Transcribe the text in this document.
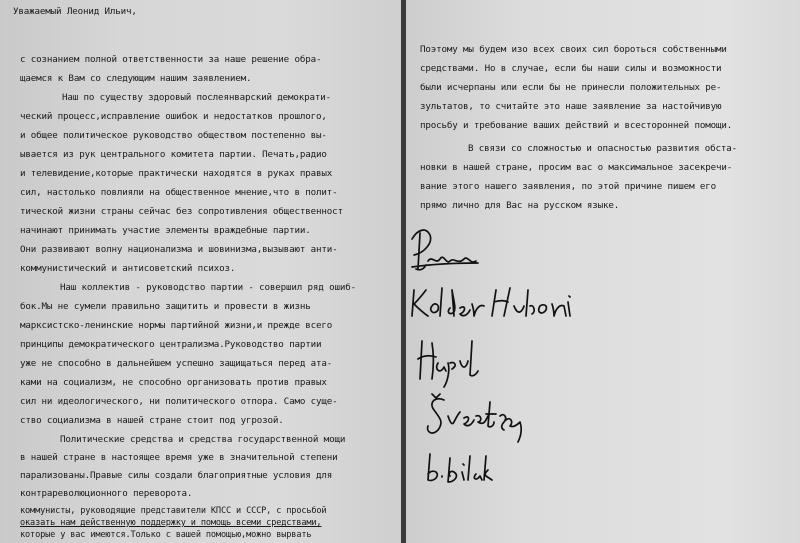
Уважаемый Леонид Ильич,
с сознанием полной ответственности за наше решение обра-
щаемся к Вам со следующим нашим заявлением.
Наш по существу здоровый послеянварский демократи-
ческий процесс,исправление ошибок и недостатков прошлого,
и общее политическое руководство обществом постепенно вы-
ывается из рук центрального комитета партии. Печать,радио
и телевидение,которые практически находятся в руках правых
сил, настолько повлияли на общественное мнение,что в полит-
тической жизни страны сейчас без сопротивления общественност
начинают принимать участие элементы враждебные партии.
Они развивают волну национализма и шовинизма,вызывают анти-
коммунистический и антисоветский психоз.
Наш коллектив - руководство партии - совершил ряд ошиб-
бок.Мы не сумели правильно защитить и провести в жизнь
марксистско-ленинские нормы партийной жизни,и прежде всего
принципы демократического централизма.Руководство партии
уже не способно в дальнейшем успешно защищаться перед ата-
ками на социализм, не способно организовать против правых
сил ни идеологического, ни политического отпора. Само суще-
ство социализма в нашей стране стоит под угрозой.
Политические средства и средства государственной мощи
в нашей стране в настоящее время уже в значительной степени
парализованы.Правые силы создали благоприятные условия для
контрареволюционного переворота.
коммунисты, руководящие представители КПСС и СССР, с просьбой
оказать нам действенную поддержку и помощь всеми средствами,
которые у вас имеются.Только с вашей помощью,можно вырвать
Поэтому мы будем изо всех своих сил бороться собственными
средствами. Но в случае, если бы наши силы и возможности
были исчерпаны или если бы не принесли положительных ре-
зультатов, то считайте это наше заявление за настойчивую
просьбу и требование ваших действий и всесторонней помощи.
В связи со сложностью и опасностью развития обста-
новки в нашей стране, просим вас о максимальное засекречи-
вание этого нашего заявления, по этой причине пишем его
прямо лично для Вас на русском языке.
